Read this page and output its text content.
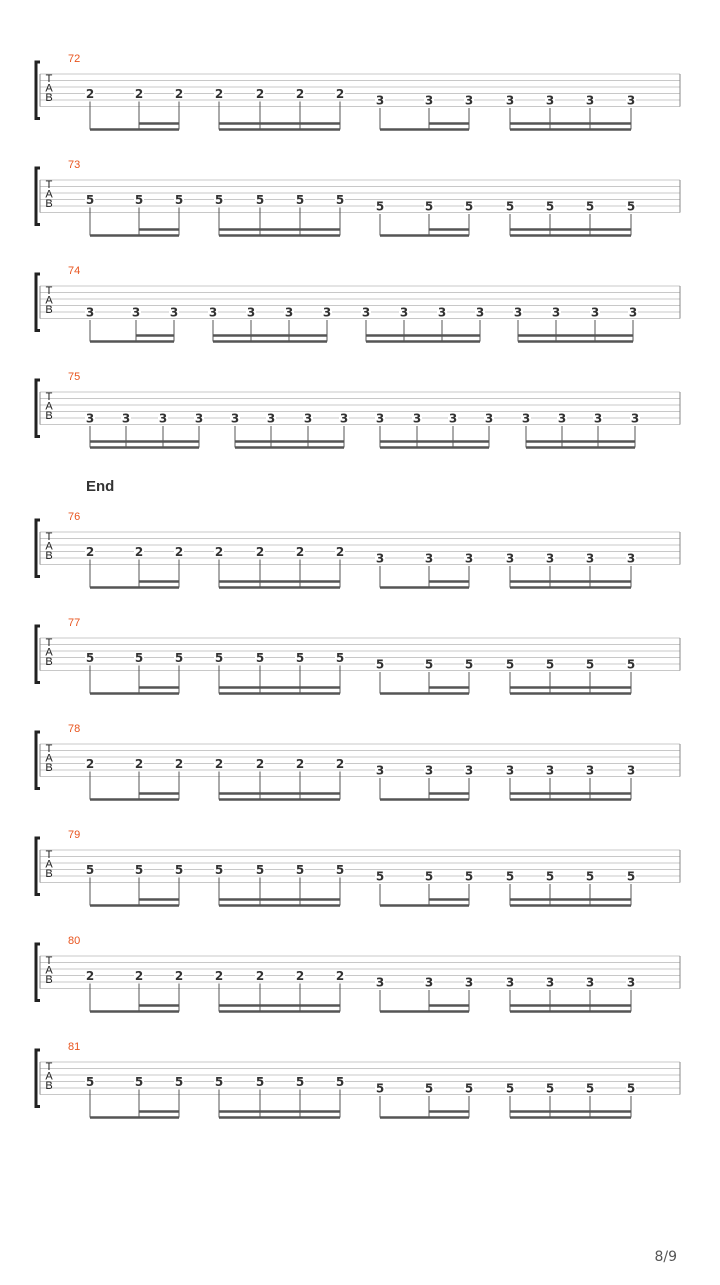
T
A
B
72
2	2	2	2	2	2	2	3	3	3	3	3	3	3
T
A
B
73
5	5	5	5	5	5	5	5	5	5	5	5	5	5
T
A
B
74
3	3 3	3 3 3 3	3 3 3 3 3 3	3 3
T
A
B
75
3 3 3 3 3 3 3 3 3 3 3 3 3 3 3 3
T
A
B
76
2	2	2	2	2	2	2	3	3	3	3	3	3	3
T
A
B
77
5	5	5	5	5	5	5	5	5	5	5	5	5	5
T
A
B
78
2	2	2	2	2	2	2	3	3	3	3	3	3	3
T
A
B
79
5	5	5	5	5	5	5	5	5	5	5	5	5	5
T
A
B
80
2	2	2	2	2	2	2	3	3	3	3	3	3	3
T
A
B
81
5	5	5	5	5	5	5	5	5	5	5	5	5	5
End
8/9
